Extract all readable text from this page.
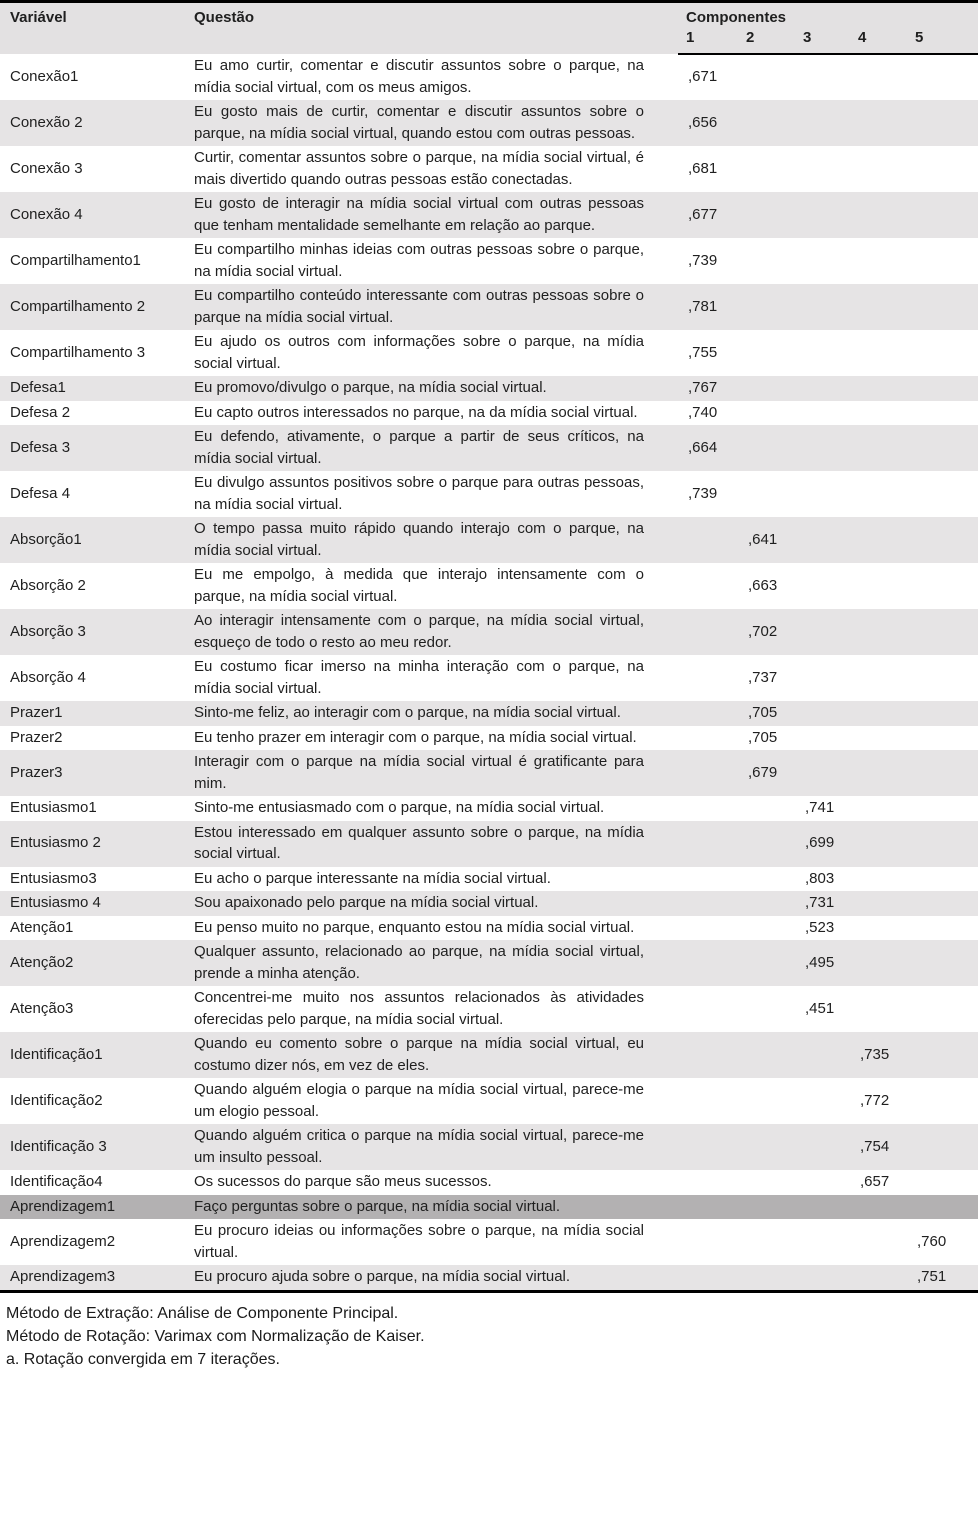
Variável	Questão	Componentes				
		1	2	3	4	5
Conexão1	Eu amo curtir, comentar e discutir assuntos sobre o parque, na mídia social virtual, com os meus amigos.	,671				
Conexão 2	Eu gosto mais de curtir, comentar e discutir assuntos sobre o parque, na mídia social virtual, quando estou com outras pessoas.	,656				
Conexão 3	Curtir, comentar assuntos sobre o parque, na mídia social virtual, é mais divertido quando outras pessoas estão conectadas.	,681				
Conexão 4	Eu gosto de interagir na mídia social virtual com outras pessoas que tenham mentalidade semelhante em relação ao parque.	,677				
Compartilhamento1	Eu compartilho minhas ideias com outras pessoas sobre o parque, na mídia social virtual.	,739				
Compartilhamento 2	Eu compartilho conteúdo interessante com outras pessoas sobre o parque na mídia social virtual.	,781				
Compartilhamento 3	Eu ajudo os outros com informações sobre o parque, na mídia social virtual.	,755				
Defesa1	Eu promovo/divulgo o parque, na mídia social virtual.	,767				
Defesa 2	Eu capto outros interessados no parque, na da mídia social virtual.	,740				
Defesa 3	Eu defendo, ativamente, o parque a partir de seus críticos, na mídia social virtual.	,664				
Defesa 4	Eu divulgo assuntos positivos sobre o parque para outras pessoas, na mídia social virtual.	,739				
Absorção1	O tempo passa muito rápido quando interajo com o parque, na mídia social virtual.		,641			
Absorção 2	Eu me empolgo, à medida que interajo intensamente com o parque, na mídia social virtual.		,663			
Absorção 3	Ao interagir intensamente com o parque, na mídia social virtual, esqueço de todo o resto ao meu redor.		,702			
Absorção 4	Eu costumo ficar imerso na minha interação com o parque, na mídia social virtual.		,737			
Prazer1	Sinto-me feliz, ao interagir com o parque, na mídia social virtual.		,705			
Prazer2	Eu tenho prazer em interagir com o parque, na mídia social virtual.		,705			
Prazer3	Interagir com o parque na mídia social virtual é gratificante para mim.		,679			
Entusiasmo1	Sinto-me entusiasmado com o parque, na mídia social virtual.			,741		
Entusiasmo 2	Estou interessado em qualquer assunto sobre o parque, na mídia social virtual.			,699		
Entusiasmo3	Eu acho o parque interessante na mídia social virtual.			,803		
Entusiasmo 4	Sou apaixonado pelo parque na mídia social virtual.			,731		
Atenção1	Eu penso muito no parque, enquanto estou na mídia social virtual.			,523		
Atenção2	Qualquer assunto, relacionado ao parque, na mídia social virtual, prende a minha atenção.			,495		
Atenção3	Concentrei-me muito nos assuntos relacionados às atividades oferecidas pelo parque, na mídia social virtual.			,451		
Identificação1	Quando eu comento sobre o parque na mídia social virtual, eu costumo dizer nós, em vez de eles.				,735	
Identificação2	Quando alguém elogia o parque na mídia social virtual, parece-me um elogio pessoal.				,772	
Identificação 3	Quando alguém critica o parque na mídia social virtual, parece-me um insulto pessoal.				,754	
Identificação4	Os sucessos do parque são meus sucessos.				,657	
Aprendizagem1	Faço perguntas sobre o parque, na mídia social virtual.					
Aprendizagem2	Eu procuro ideias ou informações sobre o parque, na mídia social virtual.					,760
Aprendizagem3	Eu procuro ajuda sobre o parque, na mídia social virtual.					,751

Método de Extração: Análise de Componente Principal.

Método de Rotação: Varimax com Normalização de Kaiser.

a. Rotação convergida em 7 iterações.
